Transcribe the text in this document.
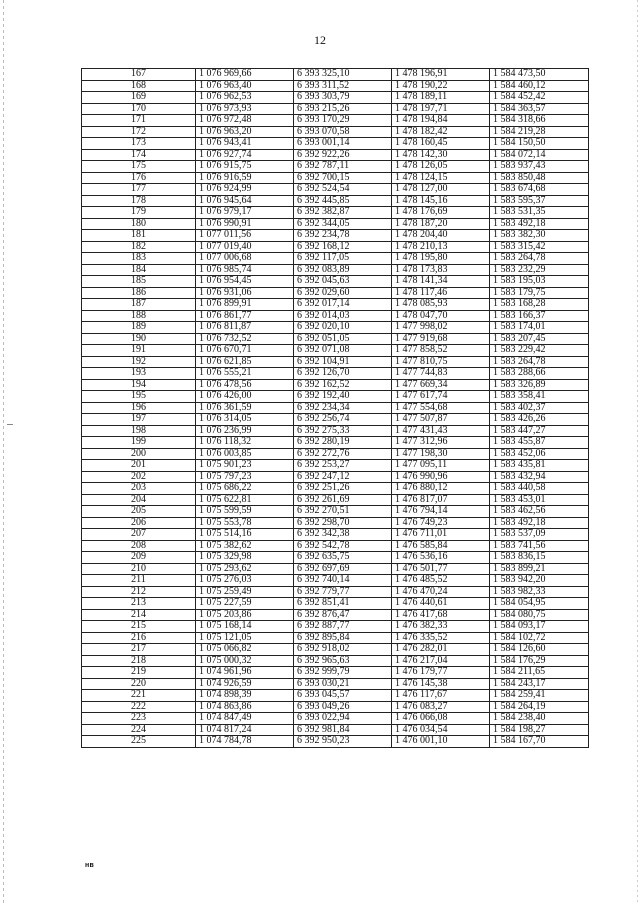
12
167	1 076 969,66	6 393 325,10	1 478 196,91	1 584 473,50
168	1 076 963,40	6 393 311,52	1 478 190,22	1 584 460,12
169	1 076 962,53	6 393 303,79	1 478 189,11	1 584 452,42
170	1 076 973,93	6 393 215,26	1 478 197,71	1 584 363,57
171	1 076 972,48	6 393 170,29	1 478 194,84	1 584 318,66
172	1 076 963,20	6 393 070,58	1 478 182,42	1 584 219,28
173	1 076 943,41	6 393 001,14	1 478 160,45	1 584 150,50
174	1 076 927,74	6 392 922,26	1 478 142,30	1 584 072,14
175	1 076 915,75	6 392 787,11	1 478 126,05	1 583 937,43
176	1 076 916,59	6 392 700,15	1 478 124,15	1 583 850,48
177	1 076 924,99	6 392 524,54	1 478 127,00	1 583 674,68
178	1 076 945,64	6 392 445,85	1 478 145,16	1 583 595,37
179	1 076 979,17	6 392 382,87	1 478 176,69	1 583 531,35
180	1 076 990,91	6 392 344,05	1 478 187,20	1 583 492,18
181	1 077 011,56	6 392 234,78	1 478 204,40	1 583 382,30
182	1 077 019,40	6 392 168,12	1 478 210,13	1 583 315,42
183	1 077 006,68	6 392 117,05	1 478 195,80	1 583 264,78
184	1 076 985,74	6 392 083,89	1 478 173,83	1 583 232,29
185	1 076 954,45	6 392 045,63	1 478 141,34	1 583 195,03
186	1 076 931,06	6 392 029,60	1 478 117,46	1 583 179,75
187	1 076 899,91	6 392 017,14	1 478 085,93	1 583 168,28
188	1 076 861,77	6 392 014,03	1 478 047,70	1 583 166,37
189	1 076 811,87	6 392 020,10	1 477 998,02	1 583 174,01
190	1 076 732,52	6 392 051,05	1 477 919,68	1 583 207,45
191	1 076 670,71	6 392 071,08	1 477 858,52	1 583 229,42
192	1 076 621,85	6 392 104,91	1 477 810,75	1 583 264,78
193	1 076 555,21	6 392 126,70	1 477 744,83	1 583 288,66
194	1 076 478,56	6 392 162,52	1 477 669,34	1 583 326,89
195	1 076 426,00	6 392 192,40	1 477 617,74	1 583 358,41
196	1 076 361,59	6 392 234,34	1 477 554,68	1 583 402,37
197	1 076 314,05	6 392 256,74	1 477 507,87	1 583 426,26
198	1 076 236,99	6 392 275,33	1 477 431,43	1 583 447,27
199	1 076 118,32	6 392 280,19	1 477 312,96	1 583 455,87
200	1 076 003,85	6 392 272,76	1 477 198,30	1 583 452,06
201	1 075 901,23	6 392 253,27	1 477 095,11	1 583 435,81
202	1 075 797,23	6 392 247,12	1 476 990,96	1 583 432,94
203	1 075 686,22	6 392 251,26	1 476 880,12	1 583 440,58
204	1 075 622,81	6 392 261,69	1 476 817,07	1 583 453,01
205	1 075 599,59	6 392 270,51	1 476 794,14	1 583 462,56
206	1 075 553,78	6 392 298,70	1 476 749,23	1 583 492,18
207	1 075 514,16	6 392 342,38	1 476 711,01	1 583 537,09
208	1 075 382,62	6 392 542,78	1 476 585,84	1 583 741,56
209	1 075 329,98	6 392 635,75	1 476 536,16	1 583 836,15
210	1 075 293,62	6 392 697,69	1 476 501,77	1 583 899,21
211	1 075 276,03	6 392 740,14	1 476 485,52	1 583 942,20
212	1 075 259,49	6 392 779,77	1 476 470,24	1 583 982,33
213	1 075 227,59	6 392 851,41	1 476 440,61	1 584 054,95
214	1 075 203,86	6 392 876,47	1 476 417,68	1 584 080,75
215	1 075 168,14	6 392 887,77	1 476 382,33	1 584 093,17
216	1 075 121,05	6 392 895,84	1 476 335,52	1 584 102,72
217	1 075 066,82	6 392 918,02	1 476 282,01	1 584 126,60
218	1 075 000,32	6 392 965,63	1 476 217,04	1 584 176,29
219	1 074 961,96	6 392 999,79	1 476 179,77	1 584 211,65
220	1 074 926,59	6 393 030,21	1 476 145,38	1 584 243,17
221	1 074 898,39	6 393 045,57	1 476 117,67	1 584 259,41
222	1 074 863,86	6 393 049,26	1 476 083,27	1 584 264,19
223	1 074 847,49	6 393 022,94	1 476 066,08	1 584 238,40
224	1 074 817,24	6 392 981,84	1 476 034,54	1 584 198,27
225	1 074 784,78	6 392 950,23	1 476 001,10	1 584 167,70
нв
